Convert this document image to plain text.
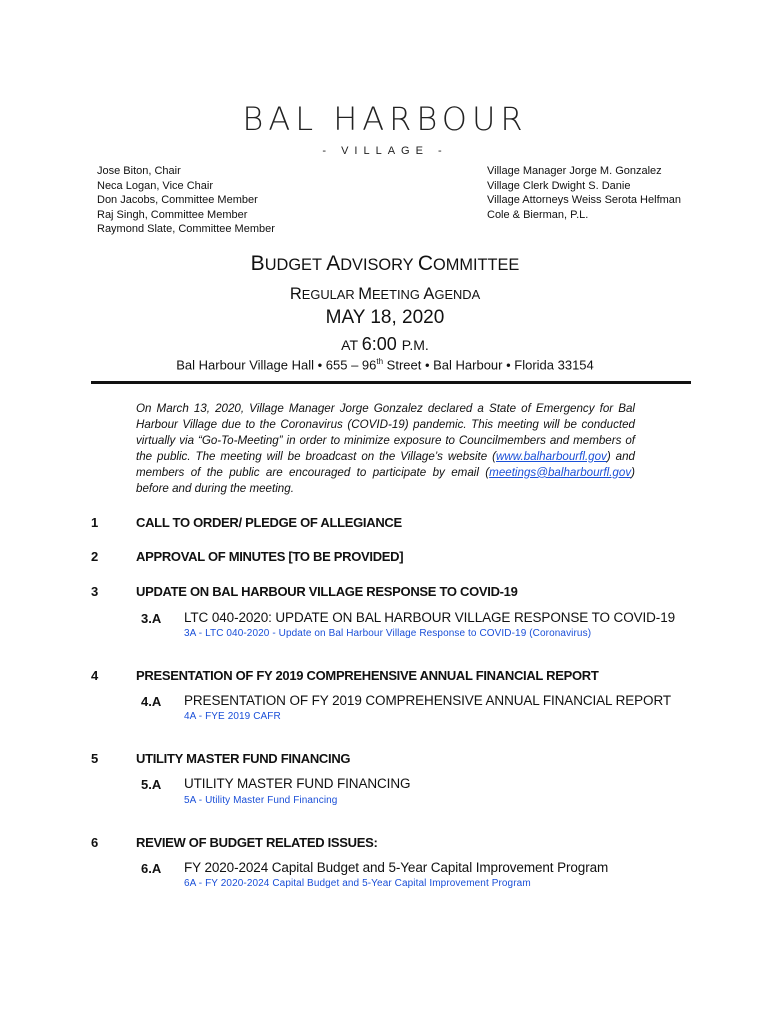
BAL HARBOUR
- VILLAGE -
Jose Biton, Chair
Neca Logan, Vice Chair
Don Jacobs, Committee Member
Raj Singh, Committee Member
Raymond Slate, Committee Member
Village Manager Jorge M. Gonzalez
Village Clerk Dwight S. Danie
Village Attorneys Weiss Serota Helfman
Cole & Bierman, P.L.
BUDGET ADVISORY COMMITTEE
REGULAR MEETING AGENDA
MAY 18, 2020
AT 6:00 P.M.
Bal Harbour Village Hall • 655 – 96th Street • Bal Harbour • Florida 33154
On March 13, 2020, Village Manager Jorge Gonzalez declared a State of Emergency for Bal Harbour Village due to the Coronavirus (COVID-19) pandemic. This meeting will be conducted virtually via “Go-To-Meeting” in order to minimize exposure to Councilmembers and members of the public. The meeting will be broadcast on the Village’s website (www.balharbourfl.gov) and members of the public are encouraged to participate by email (meetings@balharbourfl.gov) before and during the meeting.
1	CALL TO ORDER/ PLEDGE OF ALLEGIANCE
2	APPROVAL OF MINUTES [TO BE PROVIDED]
3	UPDATE ON BAL HARBOUR VILLAGE RESPONSE TO COVID-19
3.A LTC 040-2020: UPDATE ON BAL HARBOUR VILLAGE RESPONSE TO COVID-19
3A - LTC 040-2020 - Update on Bal Harbour Village Response to COVID-19 (Coronavirus)
4	PRESENTATION OF FY 2019 COMPREHENSIVE ANNUAL FINANCIAL REPORT
4.A PRESENTATION OF FY 2019 COMPREHENSIVE ANNUAL FINANCIAL REPORT
4A - FYE 2019 CAFR
5	UTILITY MASTER FUND FINANCING
5.A UTILITY MASTER FUND FINANCING
5A - Utility Master Fund Financing
6	REVIEW OF BUDGET RELATED ISSUES:
6.A FY 2020-2024 Capital Budget and 5-Year Capital Improvement Program
6A - FY 2020-2024 Capital Budget and 5-Year Capital Improvement Program
